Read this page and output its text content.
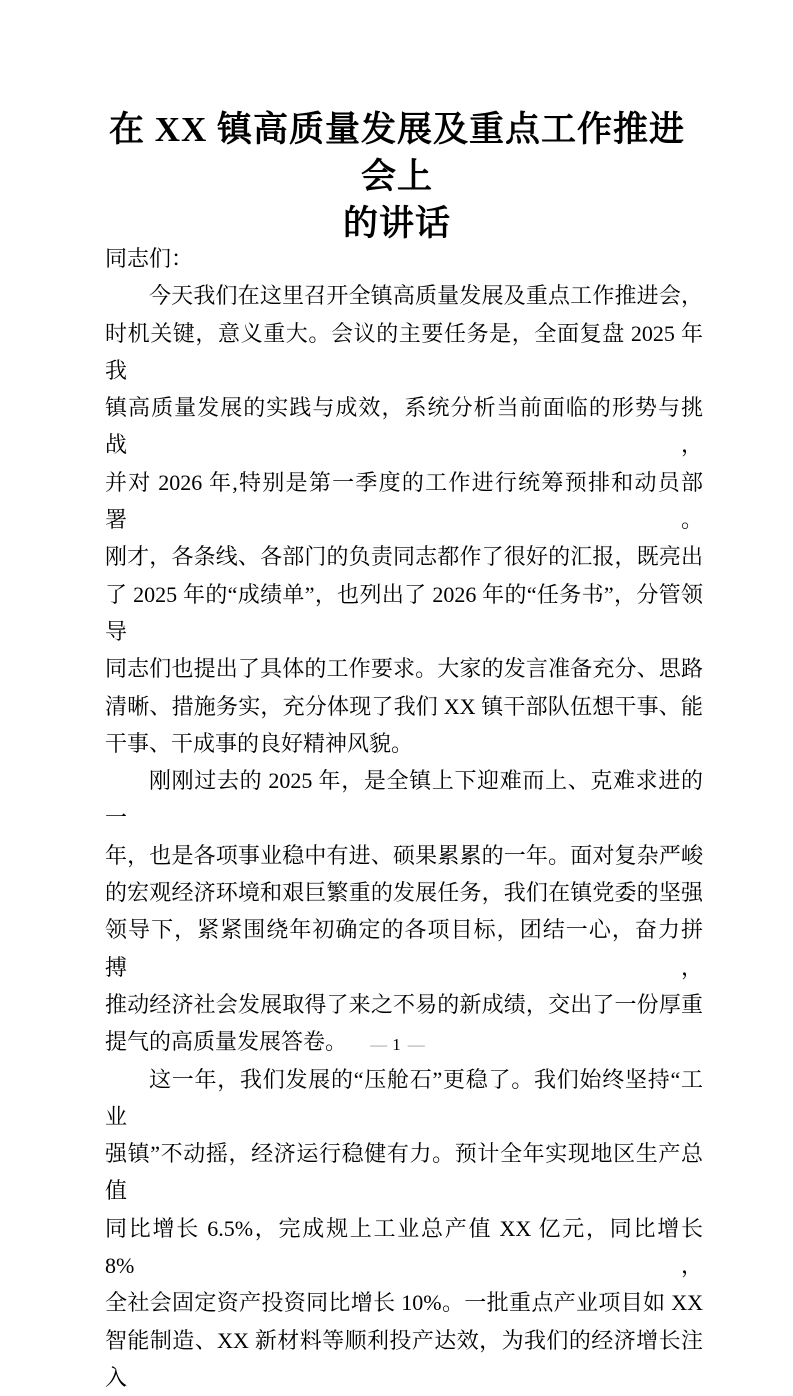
在 XX 镇高质量发展及重点工作推进会上
的讲话
同志们：
今天我们在这里召开全镇高质量发展及重点工作推进会，
时机关键，意义重大。会议的主要任务是，全面复盘 2025 年我
镇高质量发展的实践与成效，系统分析当前面临的形势与挑战，
并对 2026 年,特别是第一季度的工作进行统筹预排和动员部署。
刚才，各条线、各部门的负责同志都作了很好的汇报，既亮出
了 2025 年的“成绩单”，也列出了 2026 年的“任务书”，分管领导
同志们也提出了具体的工作要求。大家的发言准备充分、思路
清晰、措施务实，充分体现了我们 XX 镇干部队伍想干事、能
干事、干成事的良好精神风貌。
刚刚过去的 2025 年，是全镇上下迎难而上、克难求进的一
年，也是各项事业稳中有进、硕果累累的一年。面对复杂严峻
的宏观经济环境和艰巨繁重的发展任务，我们在镇党委的坚强
领导下，紧紧围绕年初确定的各项目标，团结一心，奋力拼搏，
推动经济社会发展取得了来之不易的新成绩，交出了一份厚重
提气的高质量发展答卷。
这一年，我们发展的“压舱石”更稳了。我们始终坚持“工业
强镇”不动摇，经济运行稳健有力。预计全年实现地区生产总值
同比增长 6.5%，完成规上工业总产值 XX 亿元，同比增长 8%，
全社会固定资产投资同比增长 10%。一批重点产业项目如 XX
智能制造、XX 新材料等顺利投产达效，为我们的经济增长注入
— 1 —
